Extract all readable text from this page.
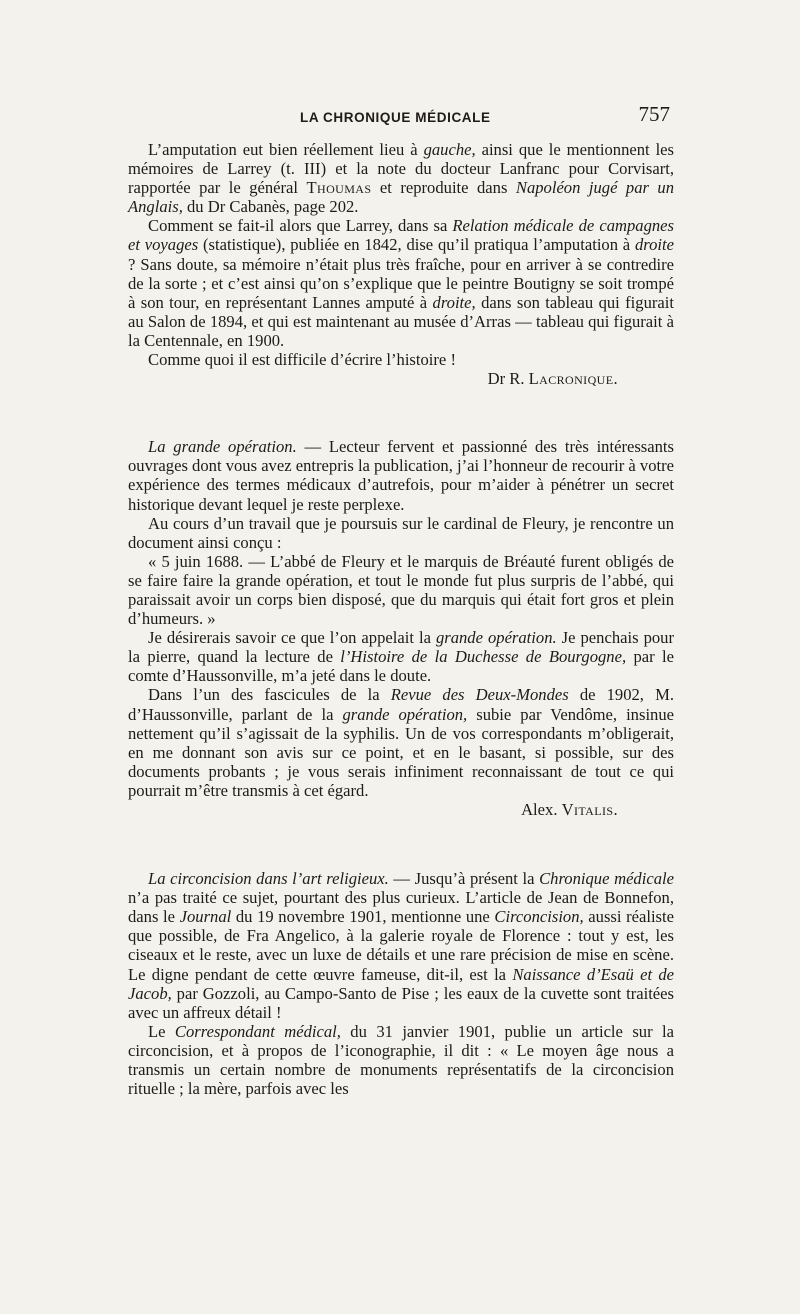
LA CHRONIQUE MÉDICALE	757

L’amputation eut bien réellement lieu à gauche, ainsi que le mentionnent les mémoires de Larrey (t. III) et la note du docteur Lanfranc pour Corvisart, rapportée par le général Thoumas et reproduite dans Napoléon jugé par un Anglais, du Dr Cabanès, page 202.

Comment se fait-il alors que Larrey, dans sa Relation médicale de campagnes et voyages (statistique), publiée en 1842, dise qu’il pratiqua l’amputation à droite ? Sans doute, sa mémoire n’était plus très fraîche, pour en arriver à se contredire de la sorte ; et c’est ainsi qu’on s’explique que le peintre Boutigny se soit trompé à son tour, en représentant Lannes amputé à droite, dans son tableau qui figurait au Salon de 1894, et qui est maintenant au musée d’Arras — tableau qui figurait à la Centennale, en 1900.

Comme quoi il est difficile d’écrire l’histoire !

Dr R. Lacronique.

La grande opération. — Lecteur fervent et passionné des très intéressants ouvrages dont vous avez entrepris la publication, j’ai l’honneur de recourir à votre expérience des termes médicaux d’autrefois, pour m’aider à pénétrer un secret historique devant lequel je reste perplexe.

Au cours d’un travail que je poursuis sur le cardinal de Fleury, je rencontre un document ainsi conçu :

« 5 juin 1688. — L’abbé de Fleury et le marquis de Bréauté furent obligés de se faire faire la grande opération, et tout le monde fut plus surpris de l’abbé, qui paraissait avoir un corps bien disposé, que du marquis qui était fort gros et plein d’humeurs. »

Je désirerais savoir ce que l’on appelait la grande opération. Je penchais pour la pierre, quand la lecture de l’Histoire de la Duchesse de Bourgogne, par le comte d’Haussonville, m’a jeté dans le doute.

Dans l’un des fascicules de la Revue des Deux-Mondes de 1902, M. d’Haussonville, parlant de la grande opération, subie par Vendôme, insinue nettement qu’il s’agissait de la syphilis. Un de vos correspondants m’obligerait, en me donnant son avis sur ce point, et en le basant, si possible, sur des documents probants ; je vous serais infiniment reconnaissant de tout ce qui pourrait m’être transmis à cet égard.

Alex. Vitalis.

La circoncision dans l’art religieux. — Jusqu’à présent la Chronique médicale n’a pas traité ce sujet, pourtant des plus curieux. L’article de Jean de Bonnefon, dans le Journal du 19 novembre 1901, mentionne une Circoncision, aussi réaliste que possible, de Fra Angelico, à la galerie royale de Florence : tout y est, les ciseaux et le reste, avec un luxe de détails et une rare précision de mise en scène. Le digne pendant de cette œuvre fameuse, dit-il, est la Naissance d’Esaü et de Jacob, par Gozzoli, au Campo-Santo de Pise ; les eaux de la cuvette sont traitées avec un affreux détail !

Le Correspondant médical, du 31 janvier 1901, publie un article sur la circoncision, et à propos de l’iconographie, il dit : « Le moyen âge nous a transmis un certain nombre de monuments représentatifs de la circoncision rituelle ; la mère, parfois avec les
